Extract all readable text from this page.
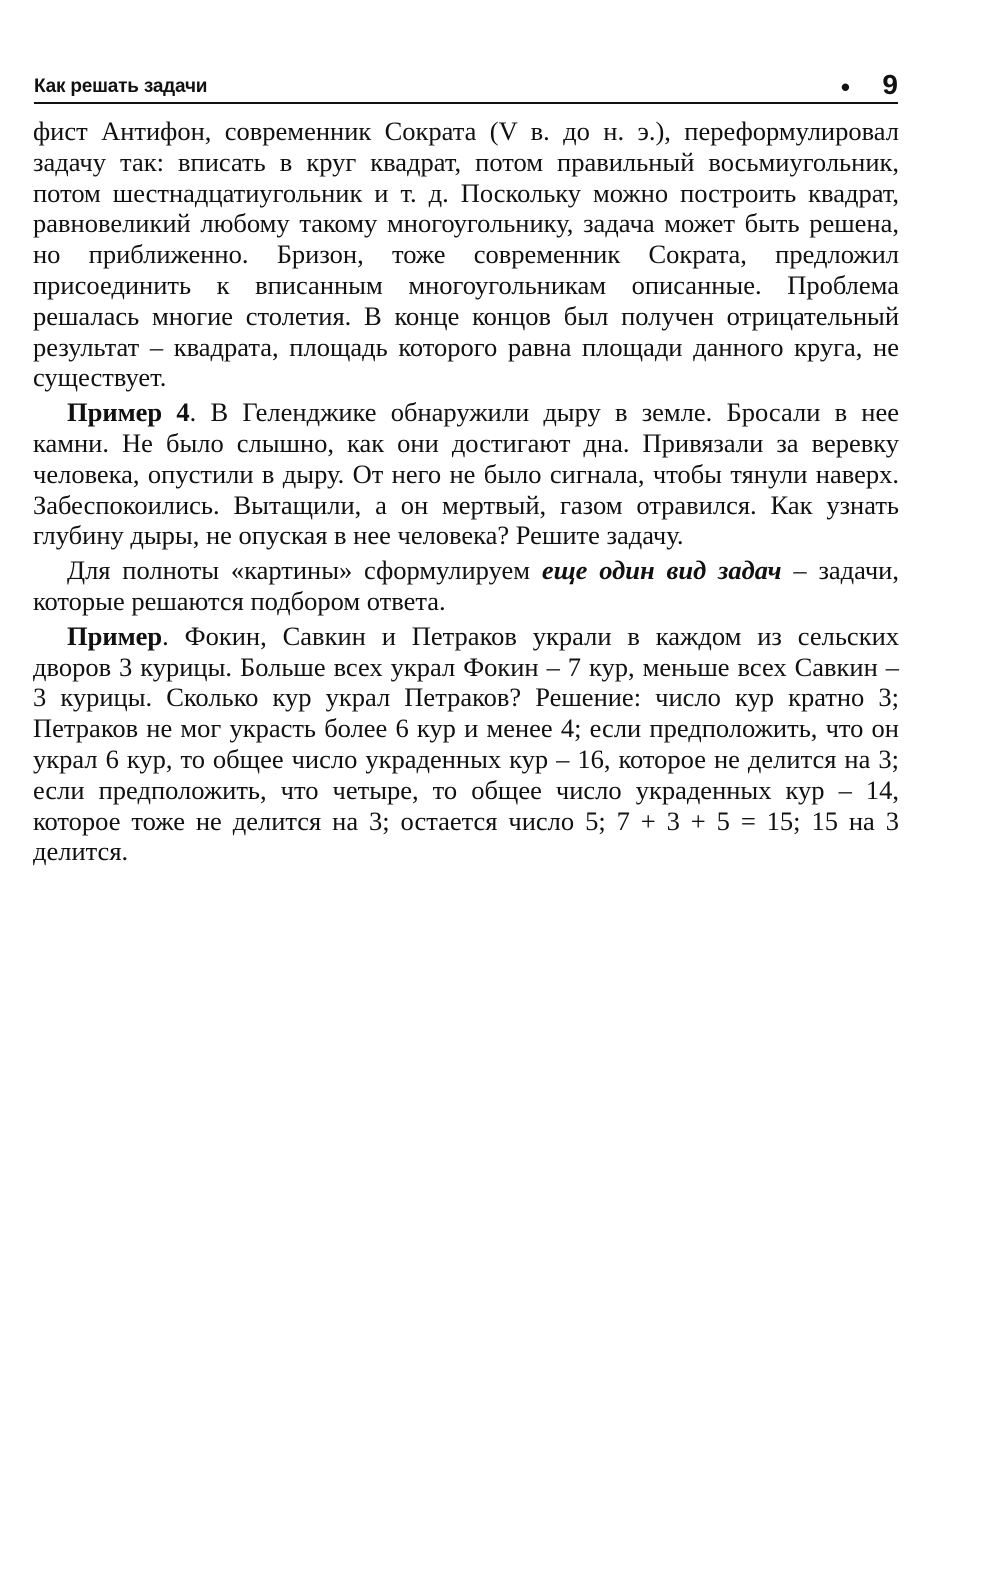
Как решать задачи	• 9

фист Антифон, современник Сократа (V в. до н. э.), переформулировал задачу так: вписать в круг квадрат, потом правильный восьмиугольник, потом шестнадцатиугольник и т. д. Поскольку можно построить квадрат, равновеликий любому такому многоугольнику, задача может быть решена, но приближенно. Бризон, тоже современник Сократа, предложил присоединить к вписанным многоугольникам описанные. Проблема решалась многие столетия. В конце концов был получен отрицательный результат – квадрата, площадь которого равна площади данного круга, не существует.

Пример 4. В Геленджике обнаружили дыру в земле. Бросали в нее камни. Не было слышно, как они достигают дна. Привязали за веревку человека, опустили в дыру. От него не было сигнала, чтобы тянули наверх. Забеспокоились. Вытащили, а он мертвый, газом отравился. Как узнать глубину дыры, не опуская в нее человека? Решите задачу.

Для полноты «картины» сформулируем еще один вид задач – задачи, которые решаются подбором ответа.

Пример. Фокин, Савкин и Петраков украли в каждом из сельских дворов 3 курицы. Больше всех украл Фокин – 7 кур, меньше всех Савкин – 3 курицы. Сколько кур украл Петраков? Решение: число кур кратно 3; Петраков не мог украсть более 6 кур и менее 4; если предположить, что он украл 6 кур, то общее число украденных кур – 16, которое не делится на 3; если предположить, что четыре, то общее число украденных кур – 14, которое тоже не делится на 3; остается число 5; 7 + 3 + 5 = 15; 15 на 3 делится.
